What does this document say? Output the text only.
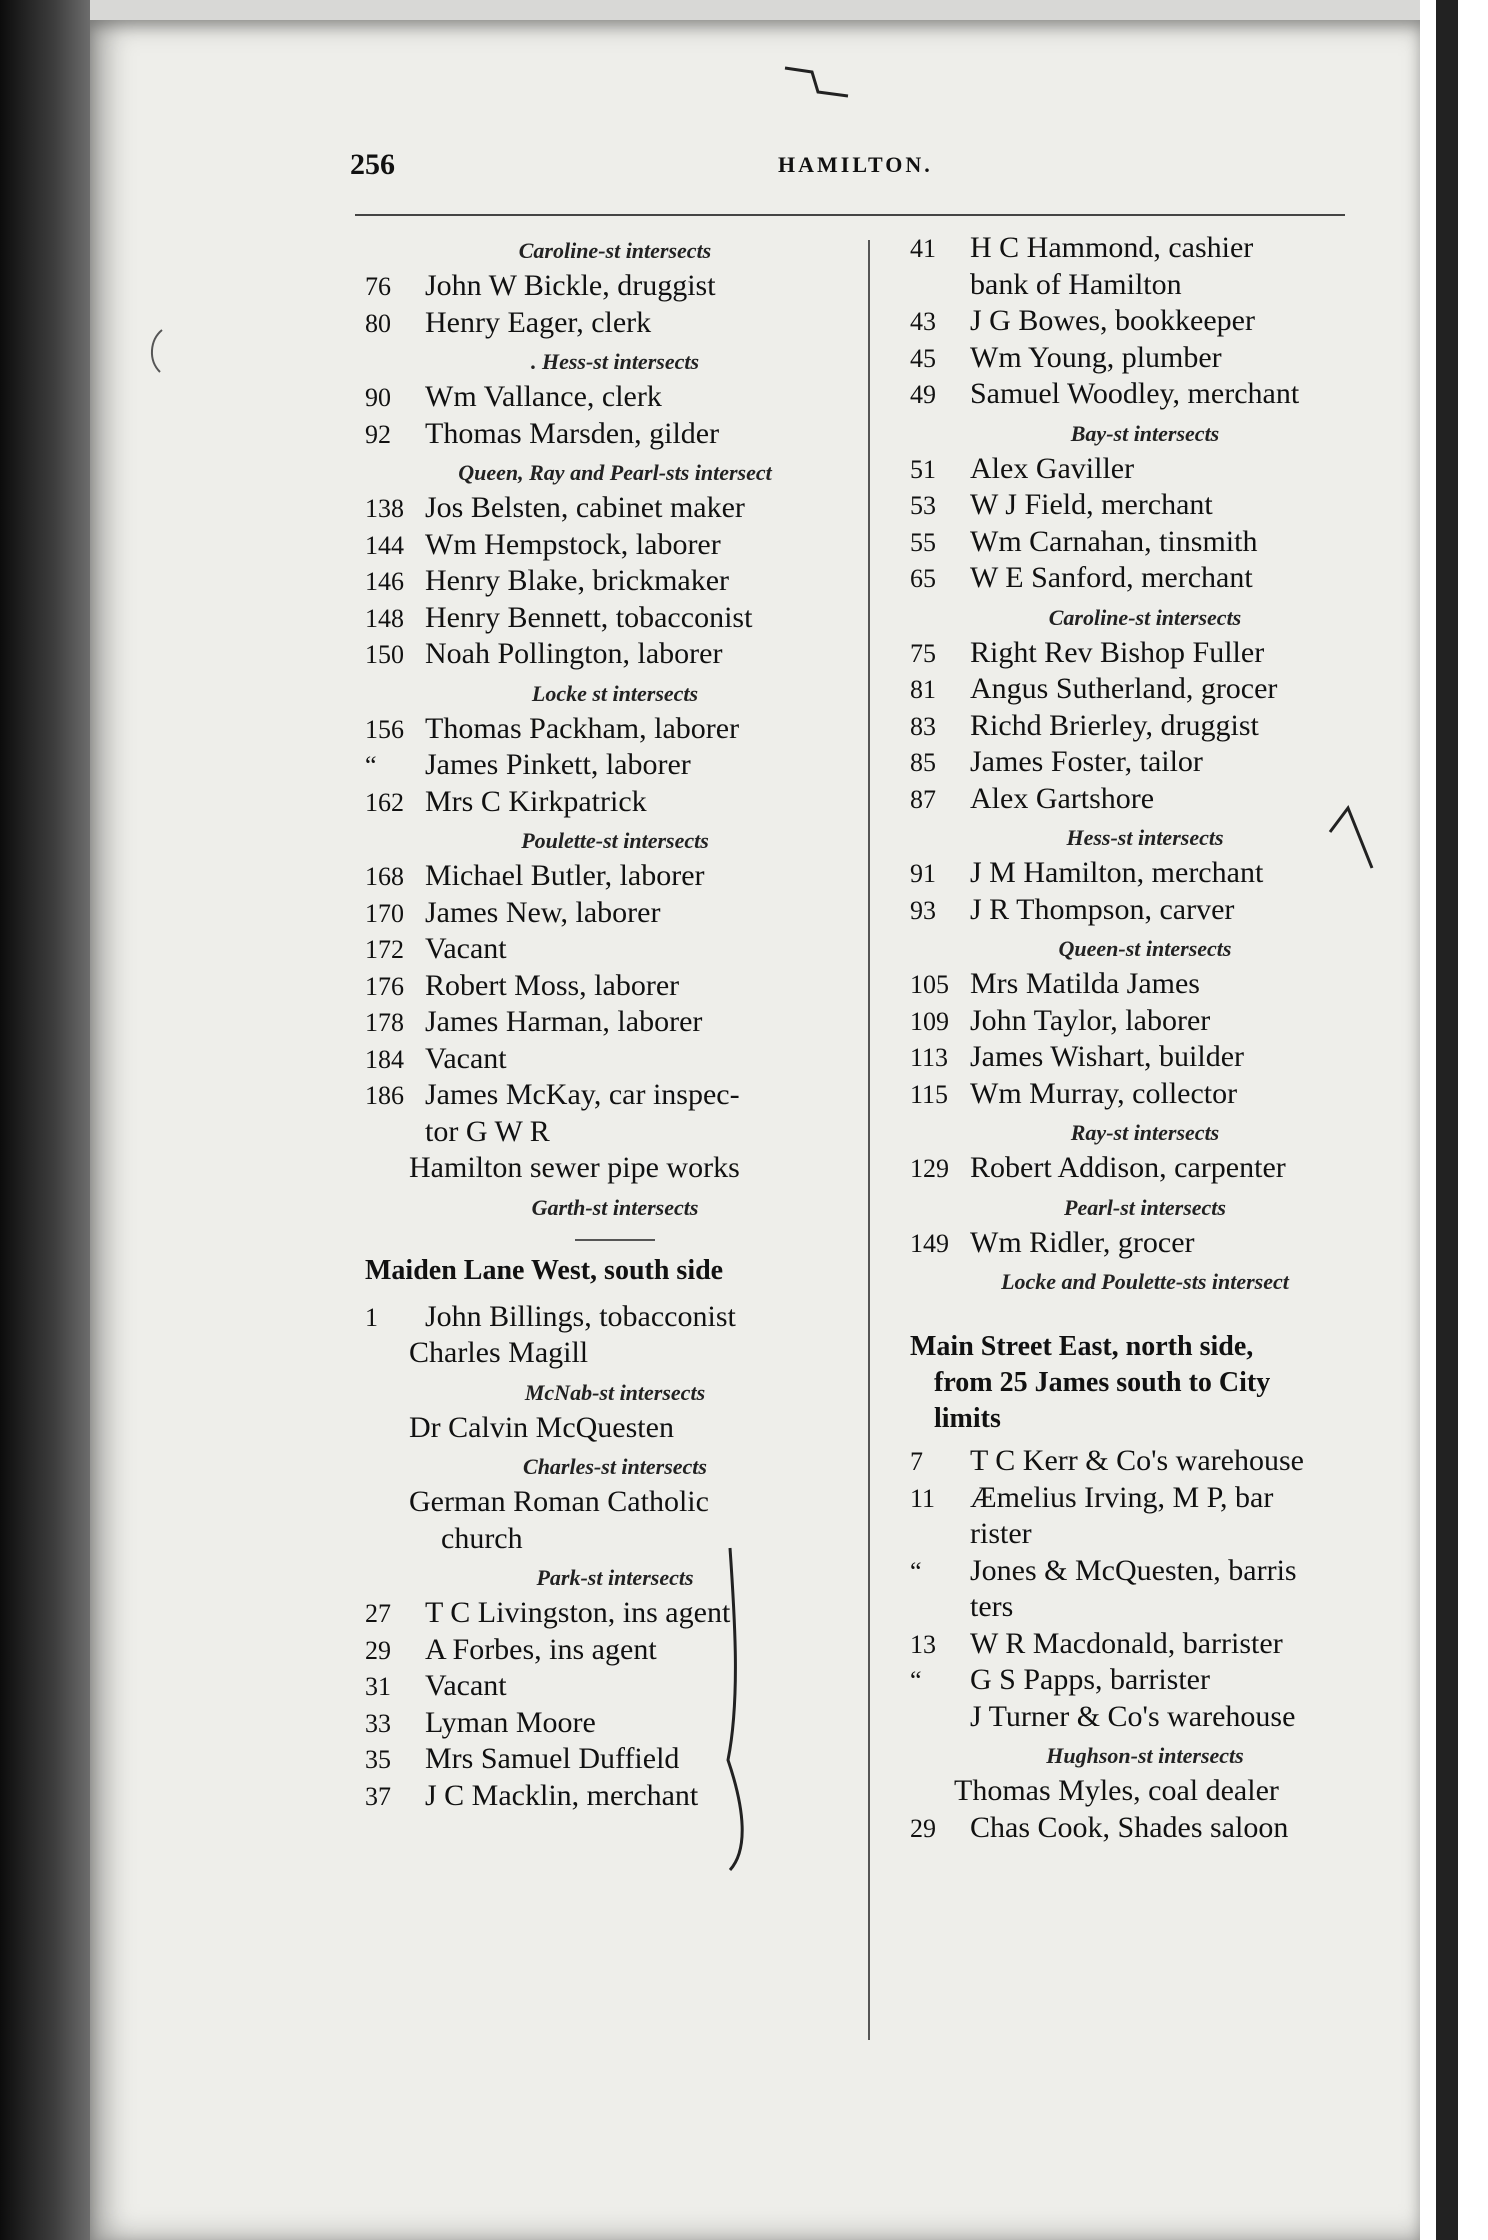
256	HAMILTON.
Caroline-st intersects
76 John W Bickle, druggist
80 Henry Eager, clerk
. Hess-st intersects
90 Wm Vallance, clerk
92 Thomas Marsden, gilder
Queen, Ray and Pearl-sts intersect
138 Jos Belsten, cabinet maker
144 Wm Hempstock, laborer
146 Henry Blake, brickmaker
148 Henry Bennett, tobacconist
150 Noah Pollington, laborer
Locke st intersects
156 Thomas Packham, laborer
“ James Pinkett, laborer
162 Mrs C Kirkpatrick
Poulette-st intersects
168 Michael Butler, laborer
170 James New, laborer
172 Vacant
176 Robert Moss, laborer
178 James Harman, laborer
184 Vacant
186 James McKay, car inspec-
tor G W R
Hamilton sewer pipe works
Garth-st intersects
Maiden Lane West, south side
1 John Billings, tobacconist
Charles Magill
McNab-st intersects
Dr Calvin McQuesten
Charles-st intersects
German Roman Catholic
church
Park-st intersects
27 T C Livingston, ins agent
29 A Forbes, ins agent
31 Vacant
33 Lyman Moore
35 Mrs Samuel Duffield
37 J C Macklin, merchant
41 H C Hammond, cashier
bank of Hamilton
43 J G Bowes, bookkeeper
45 Wm Young, plumber
49 Samuel Woodley, merchant
Bay-st intersects
51 Alex Gaviller
53 W J Field, merchant
55 Wm Carnahan, tinsmith
65 W E Sanford, merchant
Caroline-st intersects
75 Right Rev Bishop Fuller
81 Angus Sutherland, grocer
83 Richd Brierley, druggist
85 James Foster, tailor
87 Alex Gartshore
Hess-st intersects
91 J M Hamilton, merchant
93 J R Thompson, carver
Queen-st intersects
105 Mrs Matilda James
109 John Taylor, laborer
113 James Wishart, builder
115 Wm Murray, collector
Ray-st intersects
129 Robert Addison, carpenter
Pearl-st intersects
149 Wm Ridler, grocer
Locke and Poulette-sts intersect
Main Street East, north side,
from 25 James south to City
limits
7 T C Kerr & Co's warehouse
11 Æmelius Irving, M P, bar
rister
“ Jones & McQuesten, barris
ters
13 W R Macdonald, barrister
“ G S Papps, barrister
J Turner & Co's warehouse
Hughson-st intersects
Thomas Myles, coal dealer
29 Chas Cook, Shades saloon
